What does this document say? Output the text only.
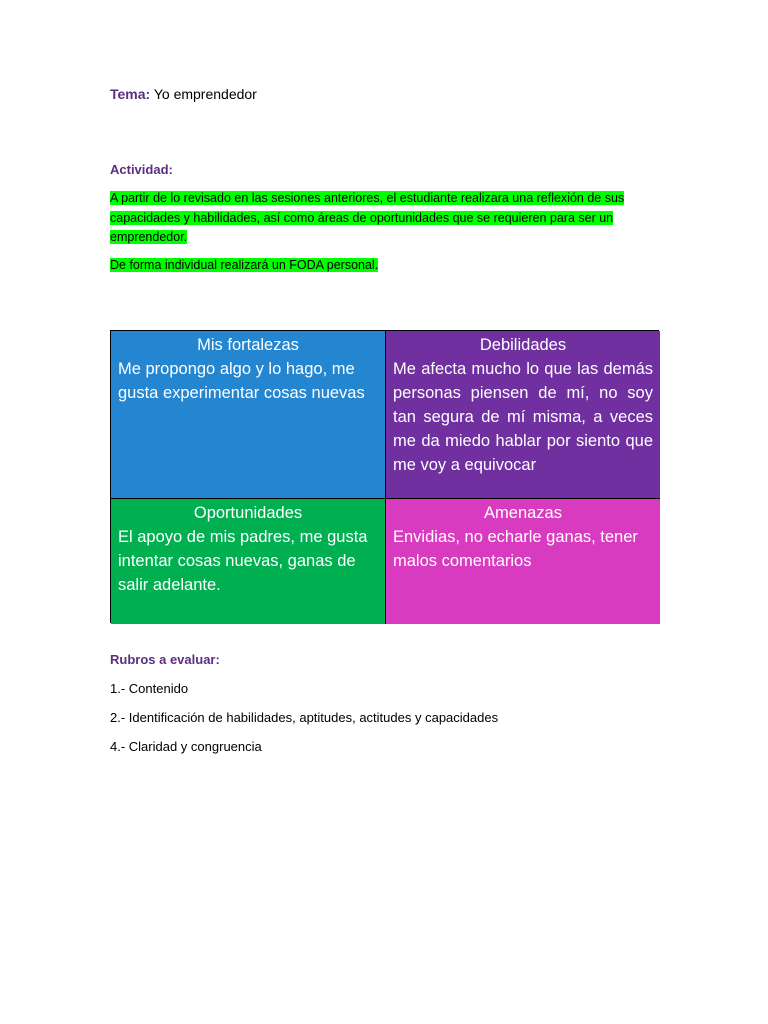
Tema: Yo emprendedor
Actividad:
A partir de lo revisado en las sesiones anteriores, el estudiante realizara una reflexión de sus capacidades y habilidades, así como áreas de oportunidades que se requieren para ser un emprendedor.
De forma individual realizará un FODA personal.
Mis fortalezas
Me propongo algo y lo hago, me gusta experimentar cosas nuevas
Debilidades
Me afecta mucho lo que las demás personas piensen de mí, no soy tan segura de mí misma, a veces me da miedo hablar por siento que me voy a equivocar
Oportunidades
El apoyo de mis padres, me gusta intentar cosas nuevas, ganas de salir adelante.
Amenazas
Envidias, no echarle ganas, tener malos comentarios
Rubros a evaluar:
1.- Contenido
2.- Identificación de habilidades, aptitudes, actitudes y capacidades
4.- Claridad y congruencia
